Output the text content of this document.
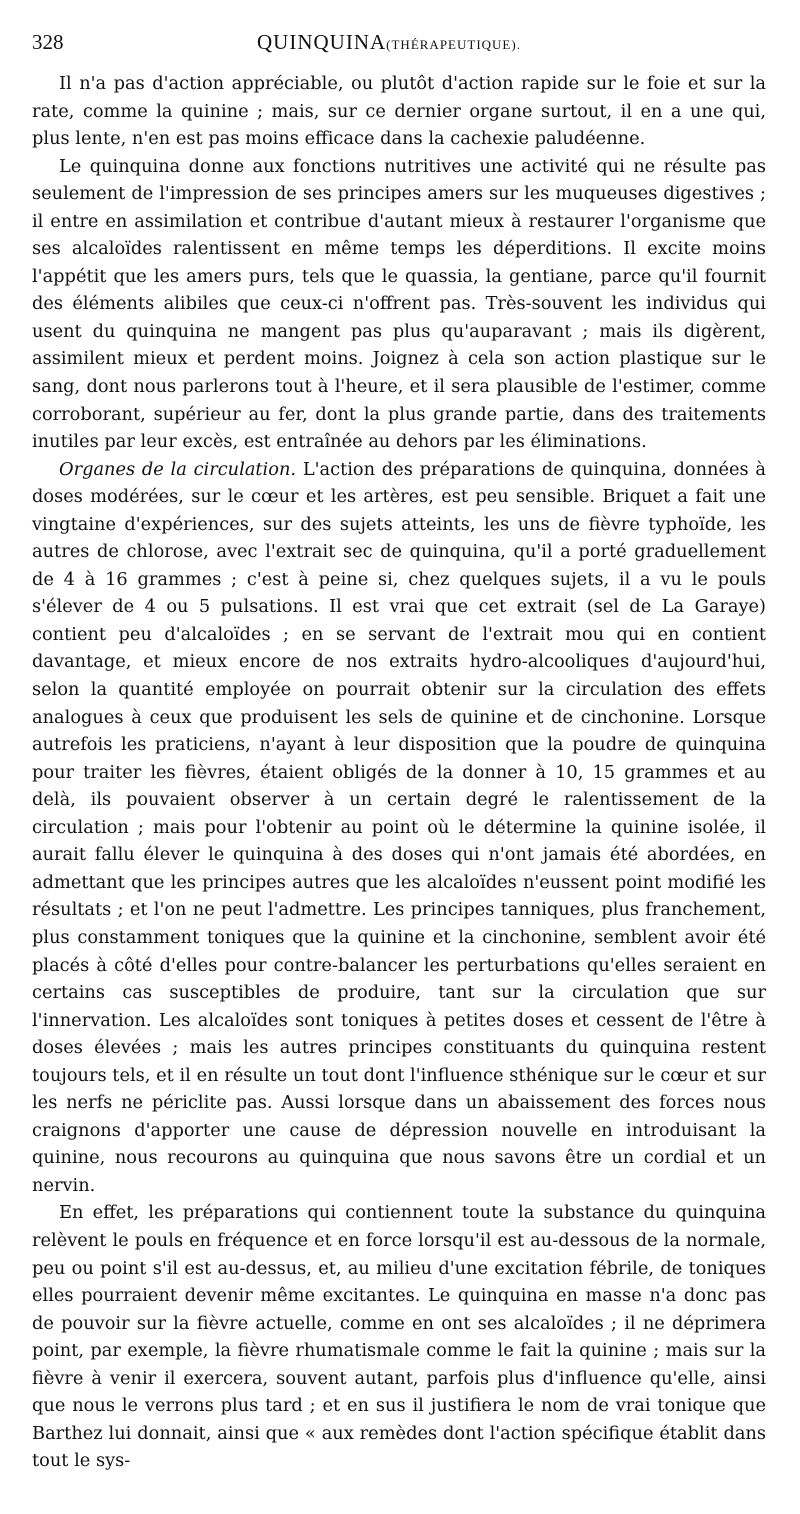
328	QUINQUINA (THÉRAPEUTIQUE).

Il n'a pas d'action appréciable, ou plutôt d'action rapide sur le foie et sur la rate, comme la quinine ; mais, sur ce dernier organe surtout, il en a une qui, plus lente, n'en est pas moins efficace dans la cachexie paludéenne.

Le quinquina donne aux fonctions nutritives une activité qui ne résulte pas seulement de l'impression de ses principes amers sur les muqueuses digestives ; il entre en assimilation et contribue d'autant mieux à restaurer l'organisme que ses alcaloïdes ralentissent en même temps les déperditions. Il excite moins l'appétit que les amers purs, tels que le quassia, la gentiane, parce qu'il fournit des éléments alibiles que ceux-ci n'offrent pas. Très-souvent les individus qui usent du quinquina ne mangent pas plus qu'auparavant ; mais ils digèrent, assimilent mieux et perdent moins. Joignez à cela son action plastique sur le sang, dont nous parlerons tout à l'heure, et il sera plausible de l'estimer, comme corroborant, supérieur au fer, dont la plus grande partie, dans des traitements inutiles par leur excès, est entraînée au dehors par les éliminations.

Organes de la circulation. L'action des préparations de quinquina, données à doses modérées, sur le cœur et les artères, est peu sensible. Briquet a fait une vingtaine d'expériences, sur des sujets atteints, les uns de fièvre typhoïde, les autres de chlorose, avec l'extrait sec de quinquina, qu'il a porté graduellement de 4 à 16 grammes ; c'est à peine si, chez quelques sujets, il a vu le pouls s'élever de 4 ou 5 pulsations. Il est vrai que cet extrait (sel de La Garaye) contient peu d'alcaloïdes ; en se servant de l'extrait mou qui en contient davantage, et mieux encore de nos extraits hydro-alcooliques d'aujourd'hui, selon la quantité employée on pourrait obtenir sur la circulation des effets analogues à ceux que produisent les sels de quinine et de cinchonine. Lorsque autrefois les praticiens, n'ayant à leur disposition que la poudre de quinquina pour traiter les fièvres, étaient obligés de la donner à 10, 15 grammes et au delà, ils pouvaient observer à un certain degré le ralentissement de la circulation ; mais pour l'obtenir au point où le détermine la quinine isolée, il aurait fallu élever le quinquina à des doses qui n'ont jamais été abordées, en admettant que les principes autres que les alcaloïdes n'eussent point modifié les résultats ; et l'on ne peut l'admettre. Les principes tanniques, plus franchement, plus constamment toniques que la quinine et la cinchonine, semblent avoir été placés à côté d'elles pour contre-balancer les perturbations qu'elles seraient en certains cas susceptibles de produire, tant sur la circulation que sur l'innervation. Les alcaloïdes sont toniques à petites doses et cessent de l'être à doses élevées ; mais les autres principes constituants du quinquina restent toujours tels, et il en résulte un tout dont l'influence sthénique sur le cœur et sur les nerfs ne périclite pas. Aussi lorsque dans un abaissement des forces nous craignons d'apporter une cause de dépression nouvelle en introduisant la quinine, nous recourons au quinquina que nous savons être un cordial et un nervin.

En effet, les préparations qui contiennent toute la substance du quinquina relèvent le pouls en fréquence et en force lorsqu'il est au-dessous de la normale, peu ou point s'il est au-dessus, et, au milieu d'une excitation fébrile, de toniques elles pourraient devenir même excitantes. Le quinquina en masse n'a donc pas de pouvoir sur la fièvre actuelle, comme en ont ses alcaloïdes ; il ne déprimera point, par exemple, la fièvre rhumatismale comme le fait la quinine ; mais sur la fièvre à venir il exercera, souvent autant, parfois plus d'influence qu'elle, ainsi que nous le verrons plus tard ; et en sus il justifiera le nom de vrai tonique que Barthez lui donnait, ainsi que « aux remèdes dont l'action spécifique établit dans tout le sys-
